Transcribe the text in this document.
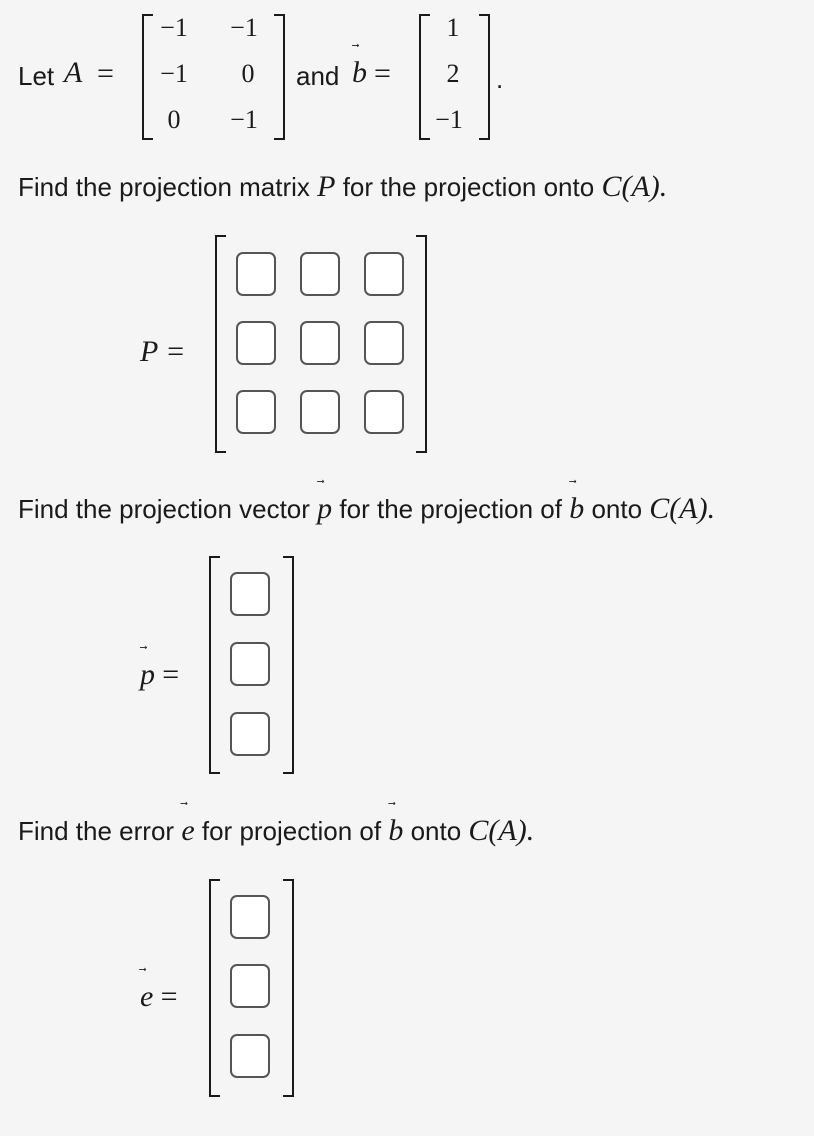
Let A =
−1	−1
−1	0
0	−1
and b =
1
2
−1
.
Find the projection matrix P for the projection onto C(A).
P =
Find the projection vector p for the projection of b onto C(A).
p =
Find the error e for projection of b onto C(A).
e =
